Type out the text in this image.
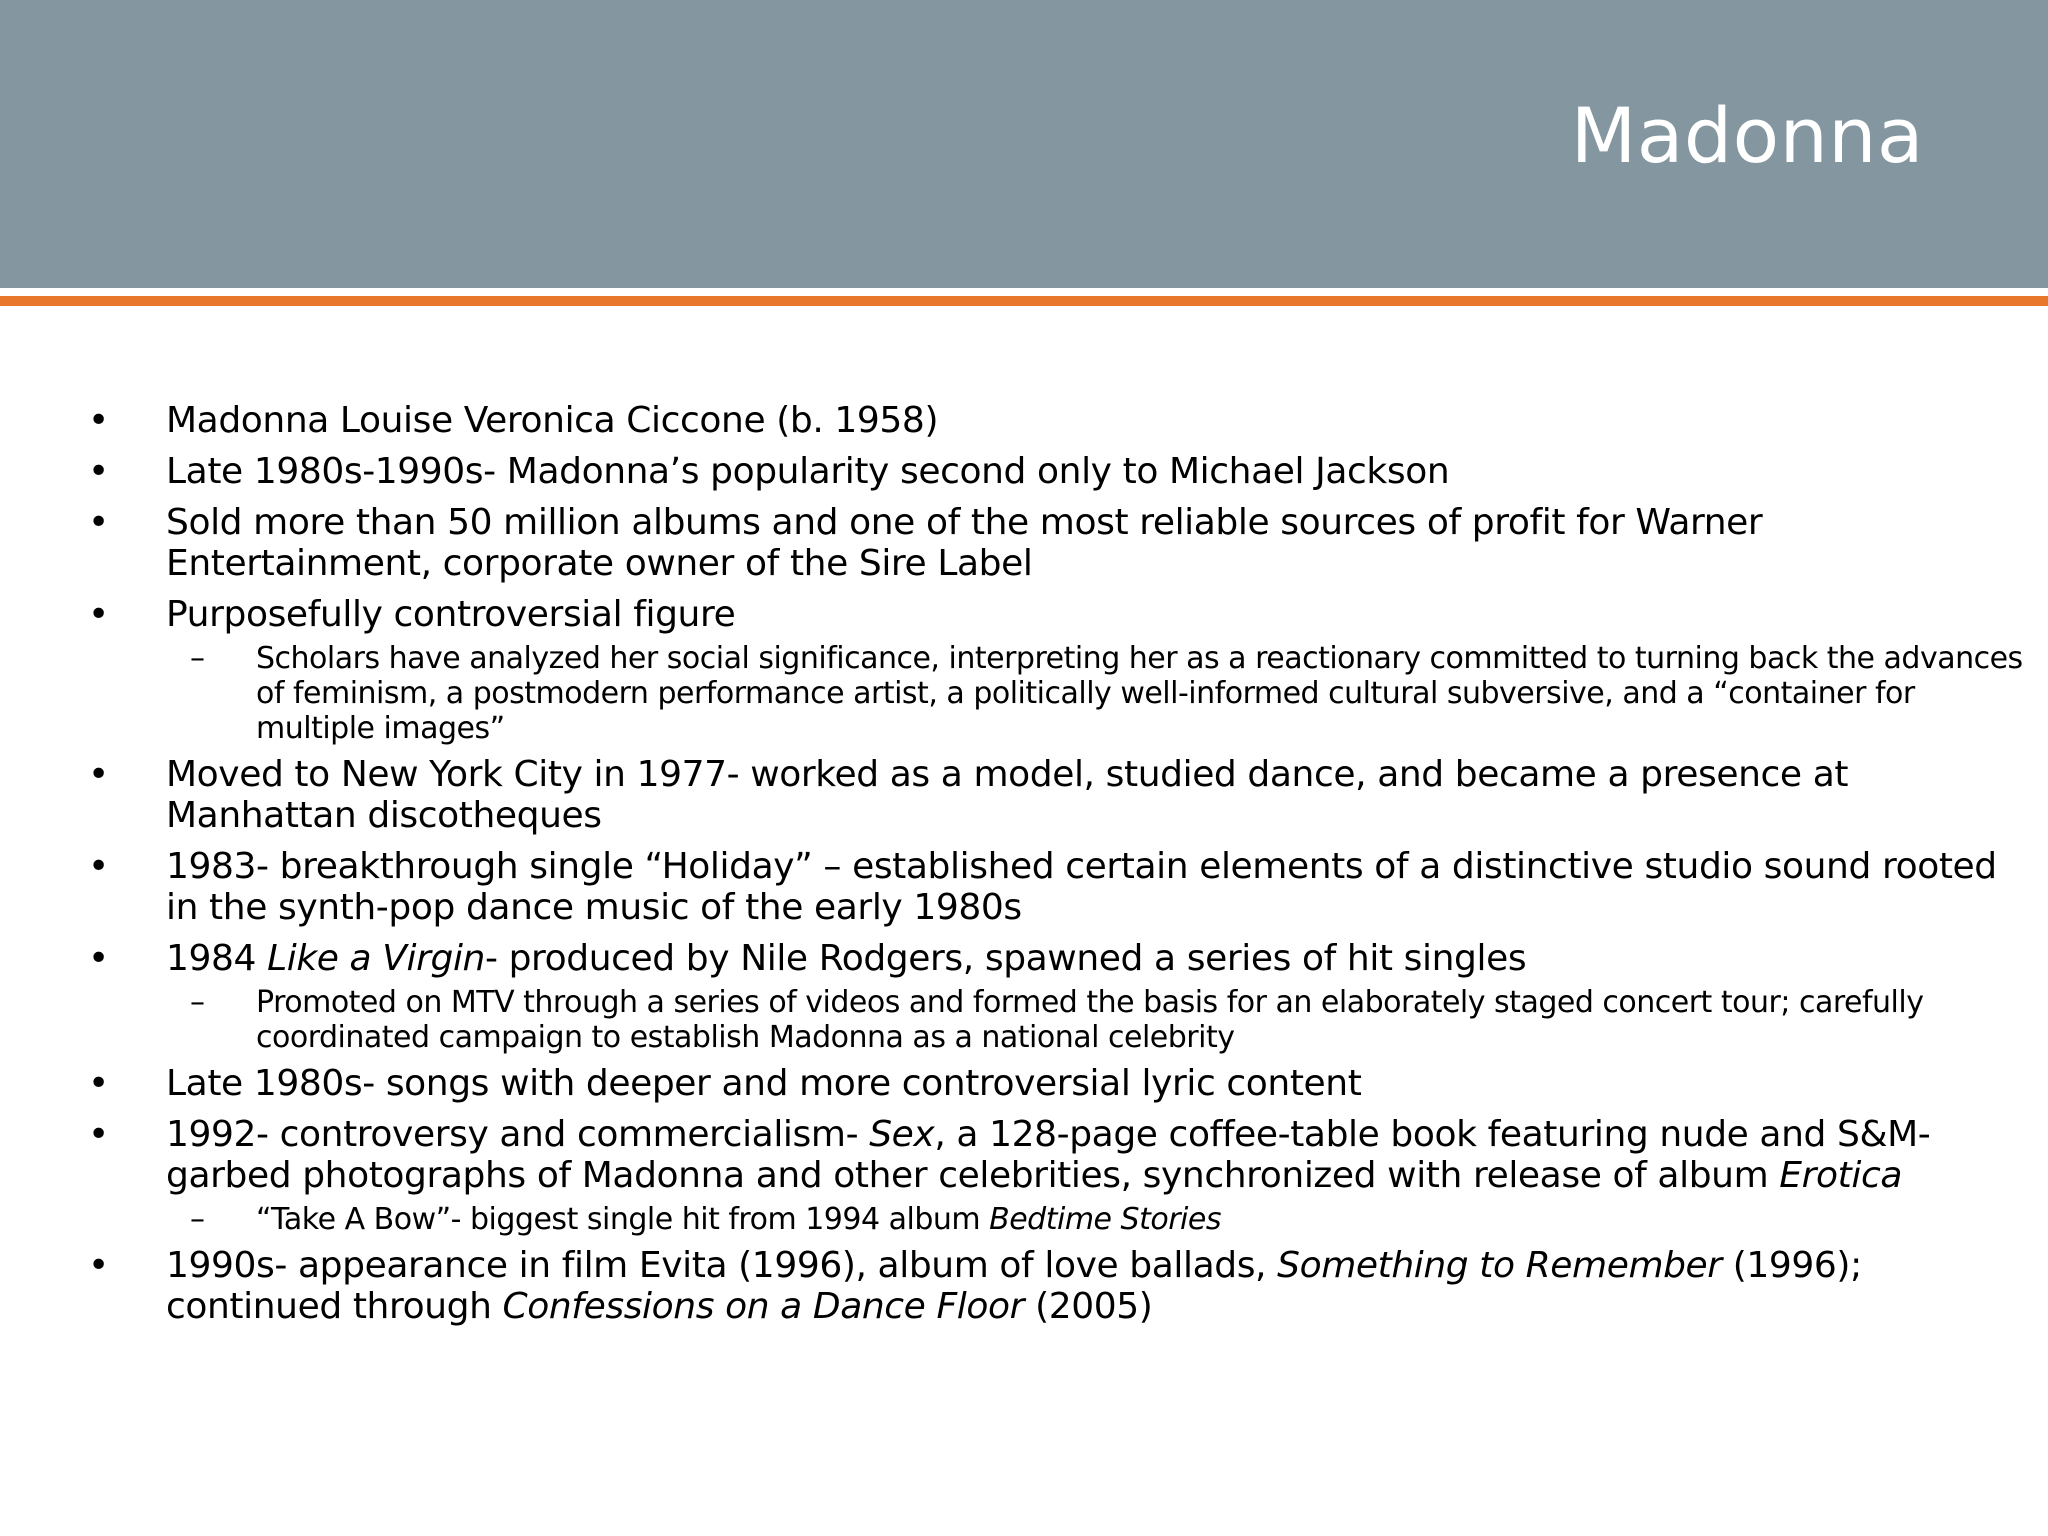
Madonna

• Madonna Louise Veronica Ciccone (b. 1958)

• Late 1980s-1990s- Madonna’s popularity second only to Michael Jackson

• Sold more than 50 million albums and one of the most reliable sources of profit for Warner Entertainment, corporate owner of the Sire Label

• Purposefully controversial figure

– Scholars have analyzed her social significance, interpreting her as a reactionary committed to turning back the advances of feminism, a postmodern performance artist, a politically well-informed cultural subversive, and a “container for multiple images”

• Moved to New York City in 1977- worked as a model, studied dance, and became a presence at Manhattan discotheques

• 1983- breakthrough single “Holiday” – established certain elements of a distinctive studio sound rooted in the synth-pop dance music of the early 1980s

• 1984 Like a Virgin- produced by Nile Rodgers, spawned a series of hit singles

– Promoted on MTV through a series of videos and formed the basis for an elaborately staged concert tour; carefully coordinated campaign to establish Madonna as a national celebrity

• Late 1980s- songs with deeper and more controversial lyric content

• 1992- controversy and commercialism- Sex, a 128-page coffee-table book featuring nude and S&M-garbed photographs of Madonna and other celebrities, synchronized with release of album Erotica

– “Take A Bow”- biggest single hit from 1994 album Bedtime Stories

• 1990s- appearance in film Evita (1996), album of love ballads, Something to Remember (1996); continued through Confessions on a Dance Floor (2005)
